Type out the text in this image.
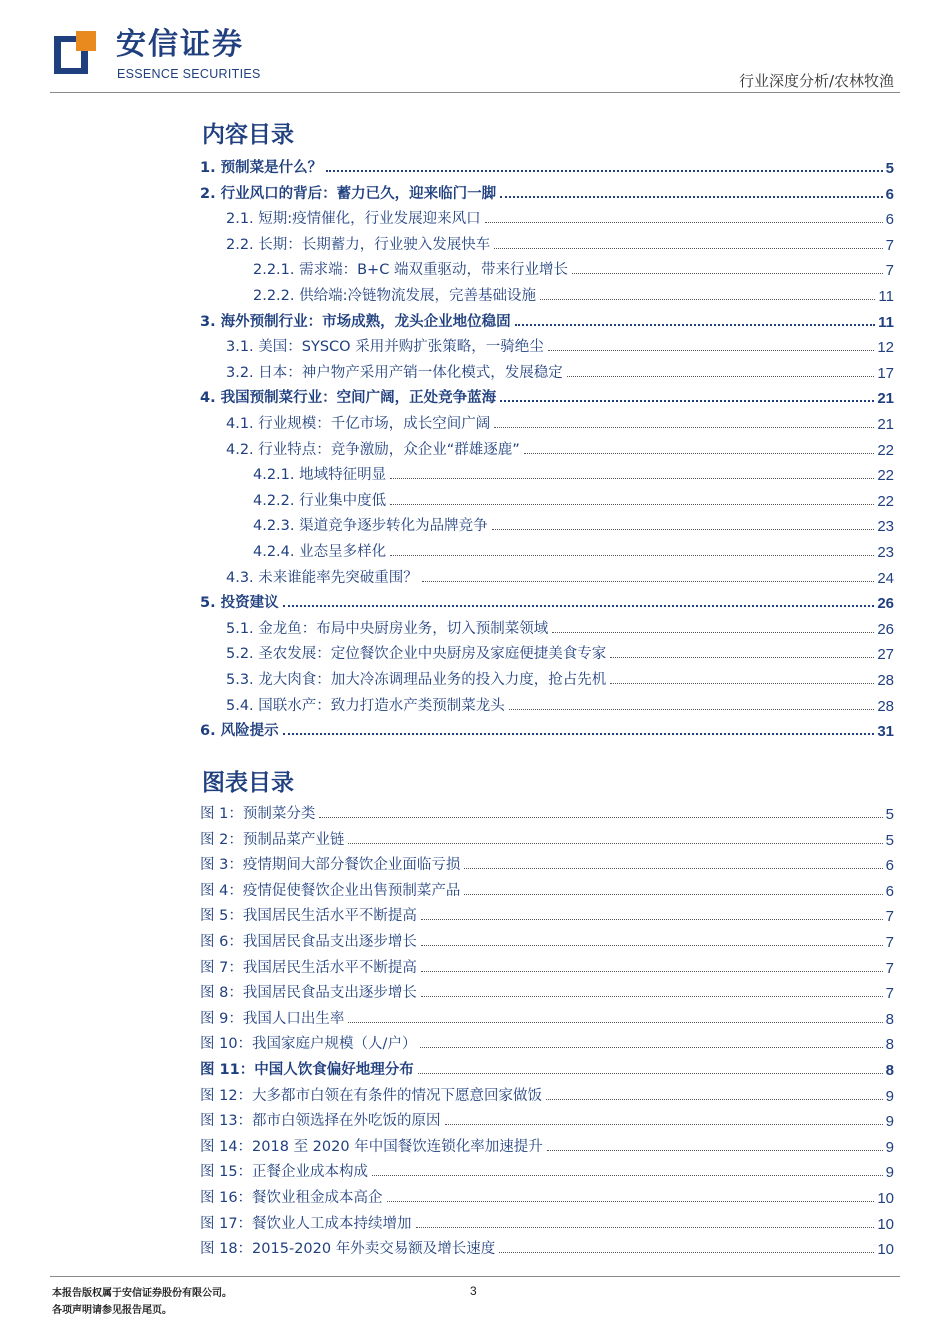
安信证券
ESSENCE SECURITIES	行业深度分析/农林牧渔
内容目录
1. 预制菜是什么？	5
2. 行业风口的背后：蓄力已久，迎来临门一脚	6
2.1. 短期:疫情催化，行业发展迎来风口	6
2.2. 长期：长期蓄力，行业驶入发展快车	7
2.2.1. 需求端：B+C 端双重驱动，带来行业增长	7
2.2.2. 供给端:冷链物流发展，完善基础设施	11
3. 海外预制行业：市场成熟，龙头企业地位稳固	11
3.1. 美国：SYSCO 采用并购扩张策略，一骑绝尘	12
3.2. 日本：神户物产采用产销一体化模式，发展稳定	17
4. 我国预制菜行业：空间广阔，正处竞争蓝海	21
4.1. 行业规模：千亿市场，成长空间广阔	21
4.2. 行业特点：竞争激励，众企业“群雄逐鹿”	22
4.2.1. 地域特征明显	22
4.2.2. 行业集中度低	22
4.2.3. 渠道竞争逐步转化为品牌竞争	23
4.2.4. 业态呈多样化	23
4.3. 未来谁能率先突破重围？	24
5. 投资建议	26
5.1. 金龙鱼：布局中央厨房业务，切入预制菜领域	26
5.2. 圣农发展：定位餐饮企业中央厨房及家庭便捷美食专家	27
5.3. 龙大肉食：加大冷冻调理品业务的投入力度，抢占先机	28
5.4. 国联水产：致力打造水产类预制菜龙头	28
6. 风险提示	31
图表目录
图 1：预制菜分类	5
图 2：预制品菜产业链	5
图 3：疫情期间大部分餐饮企业面临亏损	6
图 4：疫情促使餐饮企业出售预制菜产品	6
图 5：我国居民生活水平不断提高	7
图 6：我国居民食品支出逐步增长	7
图 7：我国居民生活水平不断提高	7
图 8：我国居民食品支出逐步增长	7
图 9：我国人口出生率	8
图 10：我国家庭户规模（人/户）	8
图 11：中国人饮食偏好地理分布	8
图 12：大多都市白领在有条件的情况下愿意回家做饭	9
图 13：都市白领选择在外吃饭的原因	9
图 14：2018 至 2020 年中国餐饮连锁化率加速提升	9
图 15：正餐企业成本构成	9
图 16：餐饮业租金成本高企	10
图 17：餐饮业人工成本持续增加	10
图 18：2015-2020 年外卖交易额及增长速度	10
本报告版权属于安信证券股份有限公司。
各项声明请参见报告尾页。
3
